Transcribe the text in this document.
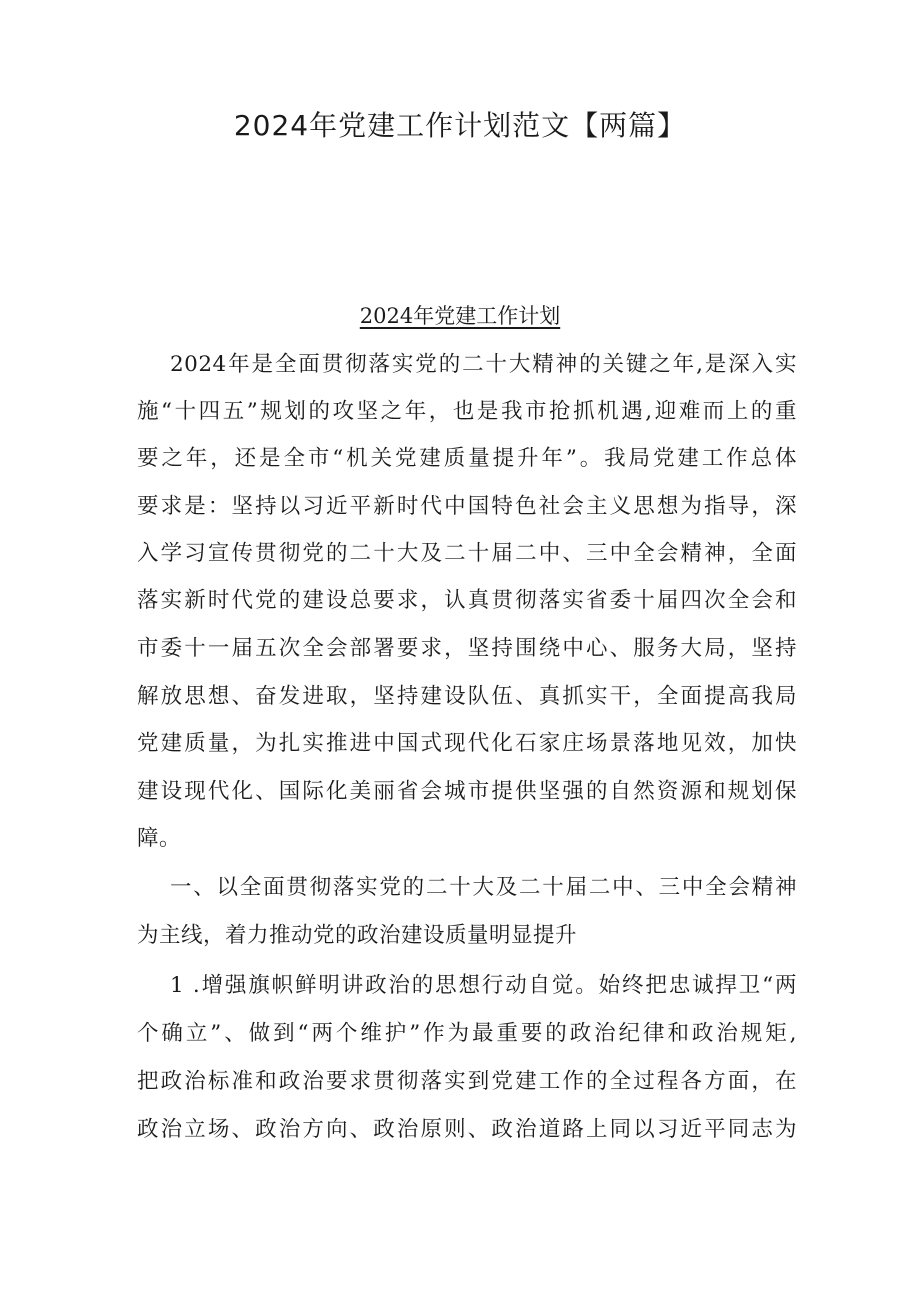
2024年党建工作计划范文【两篇】
2024年党建工作计划
2024年是全面贯彻落实党的二十大精神的关键之年,是深入实
施“十四五”规划的攻坚之年，也是我市抢抓机遇,迎难而上的重
要之年，还是全市“机关党建质量提升年”。我局党建工作总体
要求是：坚持以习近平新时代中国特色社会主义思想为指导，深
入学习宣传贯彻党的二十大及二十届二中、三中全会精神，全面
落实新时代党的建设总要求，认真贯彻落实省委十届四次全会和
市委十一届五次全会部署要求，坚持围绕中心、服务大局，坚持
解放思想、奋发进取，坚持建设队伍、真抓实干，全面提高我局
党建质量，为扎实推进中国式现代化石家庄场景落地见效，加快
建设现代化、国际化美丽省会城市提供坚强的自然资源和规划保
障。
一、以全面贯彻落实党的二十大及二十届二中、三中全会精神
为主线，着力推动党的政治建设质量明显提升
1 .增强旗帜鲜明讲政治的思想行动自觉。始终把忠诚捍卫“两
个确立”、做到“两个维护”作为最重要的政治纪律和政治规矩,
把政治标准和政治要求贯彻落实到党建工作的全过程各方面，在
政治立场、政治方向、政治原则、政治道路上同以习近平同志为
